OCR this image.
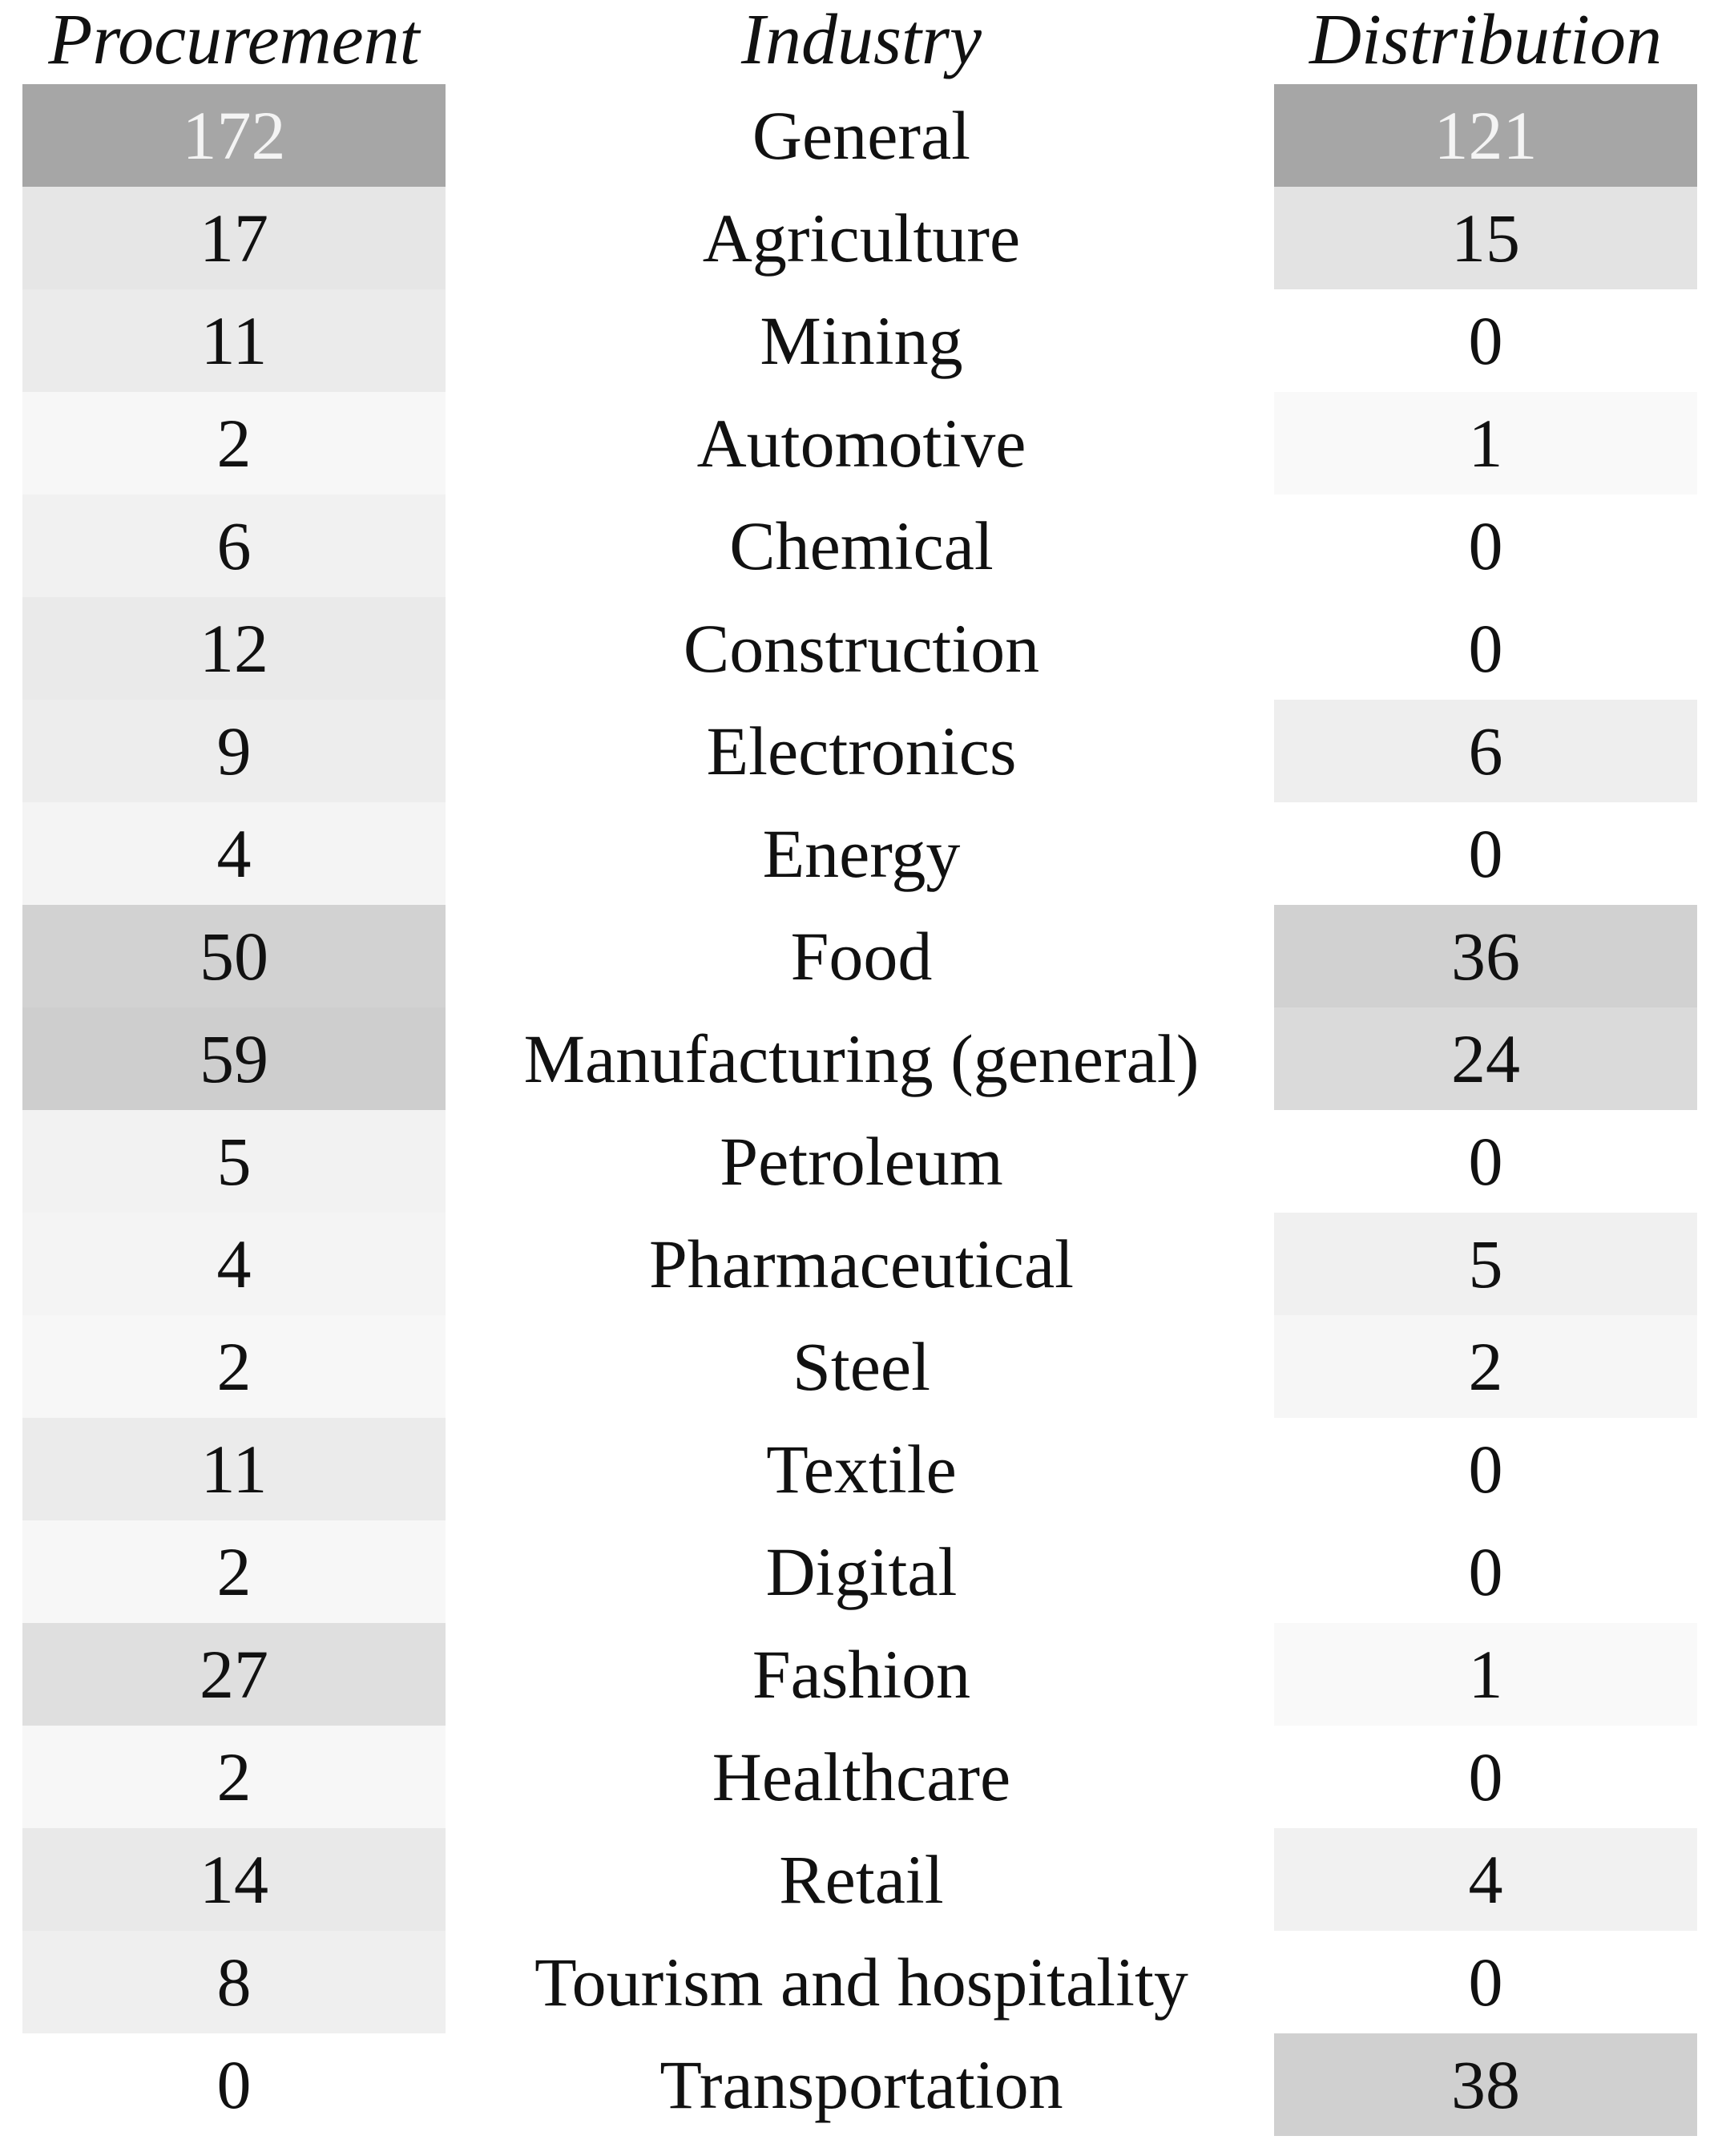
Procurement	Industry	Distribution
172	General	121
17	Agriculture	15
11	Mining	0
2	Automotive	1
6	Chemical	0
12	Construction	0
9	Electronics	6
4	Energy	0
50	Food	36
59	Manufacturing (general)	24
5	Petroleum	0
4	Pharmaceutical	5
2	Steel	2
11	Textile	0
2	Digital	0
27	Fashion	1
2	Healthcare	0
14	Retail	4
8	Tourism and hospitality	0
0	Transportation	38
